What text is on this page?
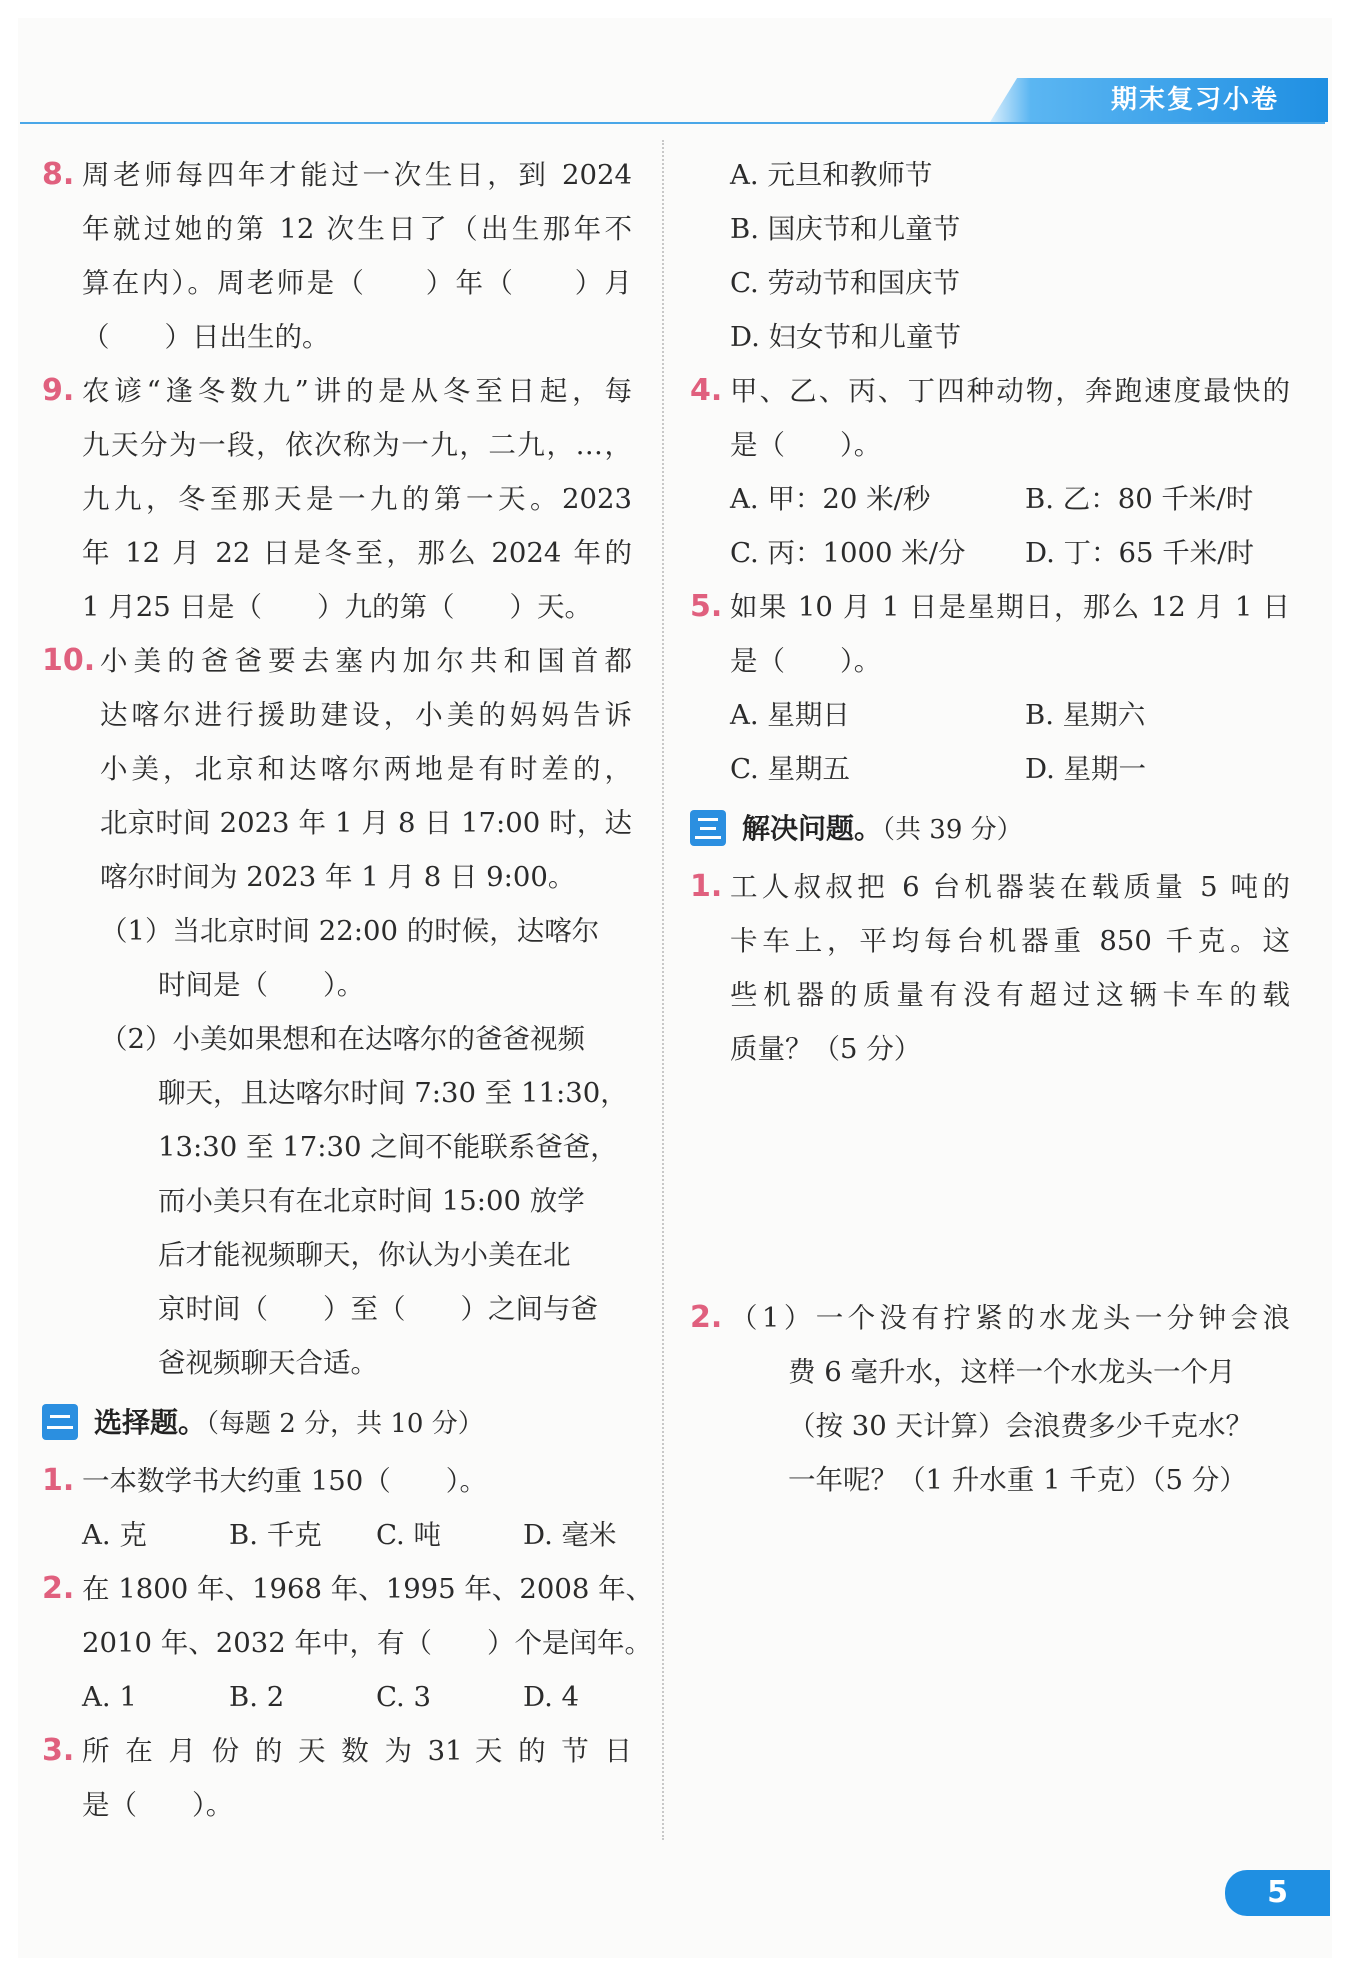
期末复习小卷
8. 周老师每四年才能过一次生日，到 2024
年就过她的第 12 次生日了（出生那年不
算在内）。周老师是（　　）年（　　）月
（　　）日出生的。
9. 农谚“逢冬数九”讲的是从冬至日起，每
九天分为一段，依次称为一九，二九，…，
九九，冬至那天是一九的第一天。2023
年 12 月 22 日是冬至，那么 2024 年的
1 月25 日是（　　）九的第（　　）天。
10. 小美的爸爸要去塞内加尔共和国首都
达喀尔进行援助建设，小美的妈妈告诉
小美，北京和达喀尔两地是有时差的，
北京时间 2023 年 1 月 8 日 17:00 时，达
喀尔时间为 2023 年 1 月 8 日 9:00。
（1）当北京时间 22:00 的时候，达喀尔
时间是（　　）。
（2）小美如果想和在达喀尔的爸爸视频
聊天，且达喀尔时间 7:30 至 11:30，
13:30 至 17:30 之间不能联系爸爸，
而小美只有在北京时间 15:00 放学
后才能视频聊天，你认为小美在北
京时间（　　）至（　　）之间与爸
爸视频聊天合适。
选择题。（每题 2 分，共 10 分）
1. 一本数学书大约重 150（　　）。
A. 克	B. 千克	C. 吨	D. 毫米
2. 在 1800 年、1968 年、1995 年、2008 年、
2010 年、2032 年中，有（　　）个是闰年。
A. 1	B. 2	C. 3	D. 4
3. 所 在 月 份 的 天 数 为 31 天 的 节 日
是（　　）。
A. 元旦和教师节
B. 国庆节和儿童节
C. 劳动节和国庆节
D. 妇女节和儿童节
4. 甲、乙、丙、丁四种动物，奔跑速度最快的
是（　　）。
A. 甲：20 米/秒	B. 乙：80 千米/时
C. 丙：1000 米/分	D. 丁：65 千米/时
5. 如果 10 月 1 日是星期日，那么 12 月 1 日
是（　　）。
A. 星期日	B. 星期六
C. 星期五	D. 星期一
解决问题。（共 39 分）
1. 工人叔叔把 6 台机器装在载质量 5 吨的
卡车上，平均每台机器重 850 千克。这
些机器的质量有没有超过这辆卡车的载
质量？（5 分）
2. （1）一个没有拧紧的水龙头一分钟会浪
费 6 毫升水，这样一个水龙头一个月
（按 30 天计算）会浪费多少千克水？
一年呢？（1 升水重 1 千克）（5 分）
5
